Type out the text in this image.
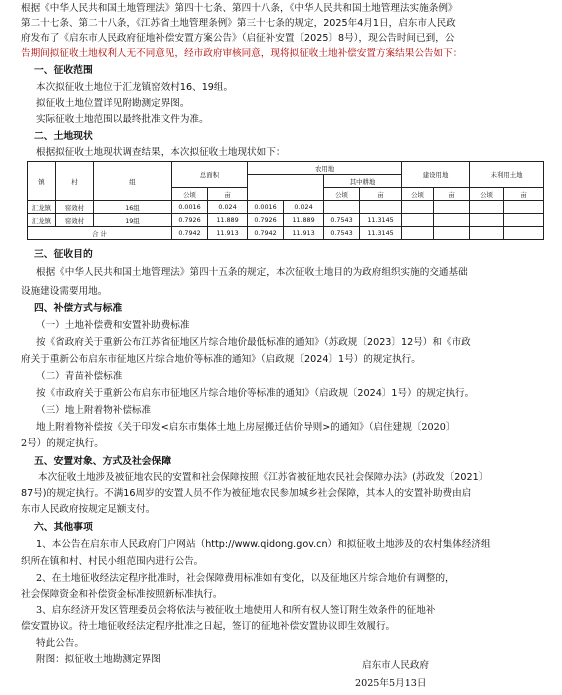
根据《中华人民共和国土地管理法》第四十七条、第四十八条，《中华人民共和国土地管理法实施条例》
第二十七条、第二十八条，《江苏省土地管理条例》第三十七条的规定，2025年4月1日，启东市人民政
府发布了《启东市人民政府征地补偿安置方案公告》（启征补安置〔2025〕8号），现公告时间已到，公
告期间拟征收土地权利人无不同意见，经市政府审核同意，现将拟征收土地补偿安置方案结果公告如下：
一、征收范围
本次拟征收土地位于汇龙镇窑效村16、19组。
拟征收土地位置详见附勘测定界图。
实际征收土地范围以最终批准文件为准。
二、土地现状
根据拟征收土地现状调查结果，本次拟征收土地现状如下：
镇	村	组	总面积		农用地				建设用地		未利用土地	
							其中耕地					
			公顷	亩			公顷	亩	公顷	亩	公顷	亩
汇龙镇	窑效村	16组	0.0016	0.024	0.0016	0.024						
汇龙镇	窑效村	19组	0.7926	11.889	0.7926	11.889	0.7543	11.3145				
合 计			0.7942	11.913	0.7942	11.913	0.7543	11.3145				
三、征收目的
根据《中华人民共和国土地管理法》第四十五条的规定，本次征收土地目的为政府组织实施的交通基础
设施建设需要用地。
四、补偿方式与标准
（一）土地补偿费和安置补助费标准
按《省政府关于重新公布江苏省征地区片综合地价最低标准的通知》（苏政规〔2023〕12号）和《市政
府关于重新公布启东市征地区片综合地价等标准的通知》（启政规〔2024〕1号）的规定执行。
（二）青苗补偿标准
按《市政府关于重新公布启东市征地区片综合地价等标准的通知》（启政规〔2024〕1号）的规定执行。
（三）地上附着物补偿标准
地上附着物补偿按《关于印发<启东市集体土地上房屋搬迁估价导则>的通知》（启住建规〔2020〕
2号）的规定执行。
五、安置对象、方式及社会保障
本次征收土地涉及被征地农民的安置和社会保障按照《江苏省被征地农民社会保障办法》(苏政发〔2021〕
87号)的规定执行。不满16周岁的安置人员不作为被征地农民参加城乡社会保障，其本人的安置补助费由启
东市人民政府按规定足额支付。
六、其他事项
1、本公告在启东市人民政府门户网站（http://www.qidong.gov.cn）和拟征收土地涉及的农村集体经济组
织所在镇和村、村民小组范围内进行公告。
2、在土地征收经法定程序批准时，社会保障费用标准如有变化，以及征地区片综合地价有调整的，
社会保障资金和补偿资金标准按照新标准执行。
3、启东经济开发区管理委员会将依法与被征收土地使用人和所有权人签订附生效条件的征地补
偿安置协议。待土地征收经法定程序批准之日起，签订的征地补偿安置协议即生效履行。
特此公告。
附图：拟征收土地勘测定界图
启东市人民政府
2025年5月13日
